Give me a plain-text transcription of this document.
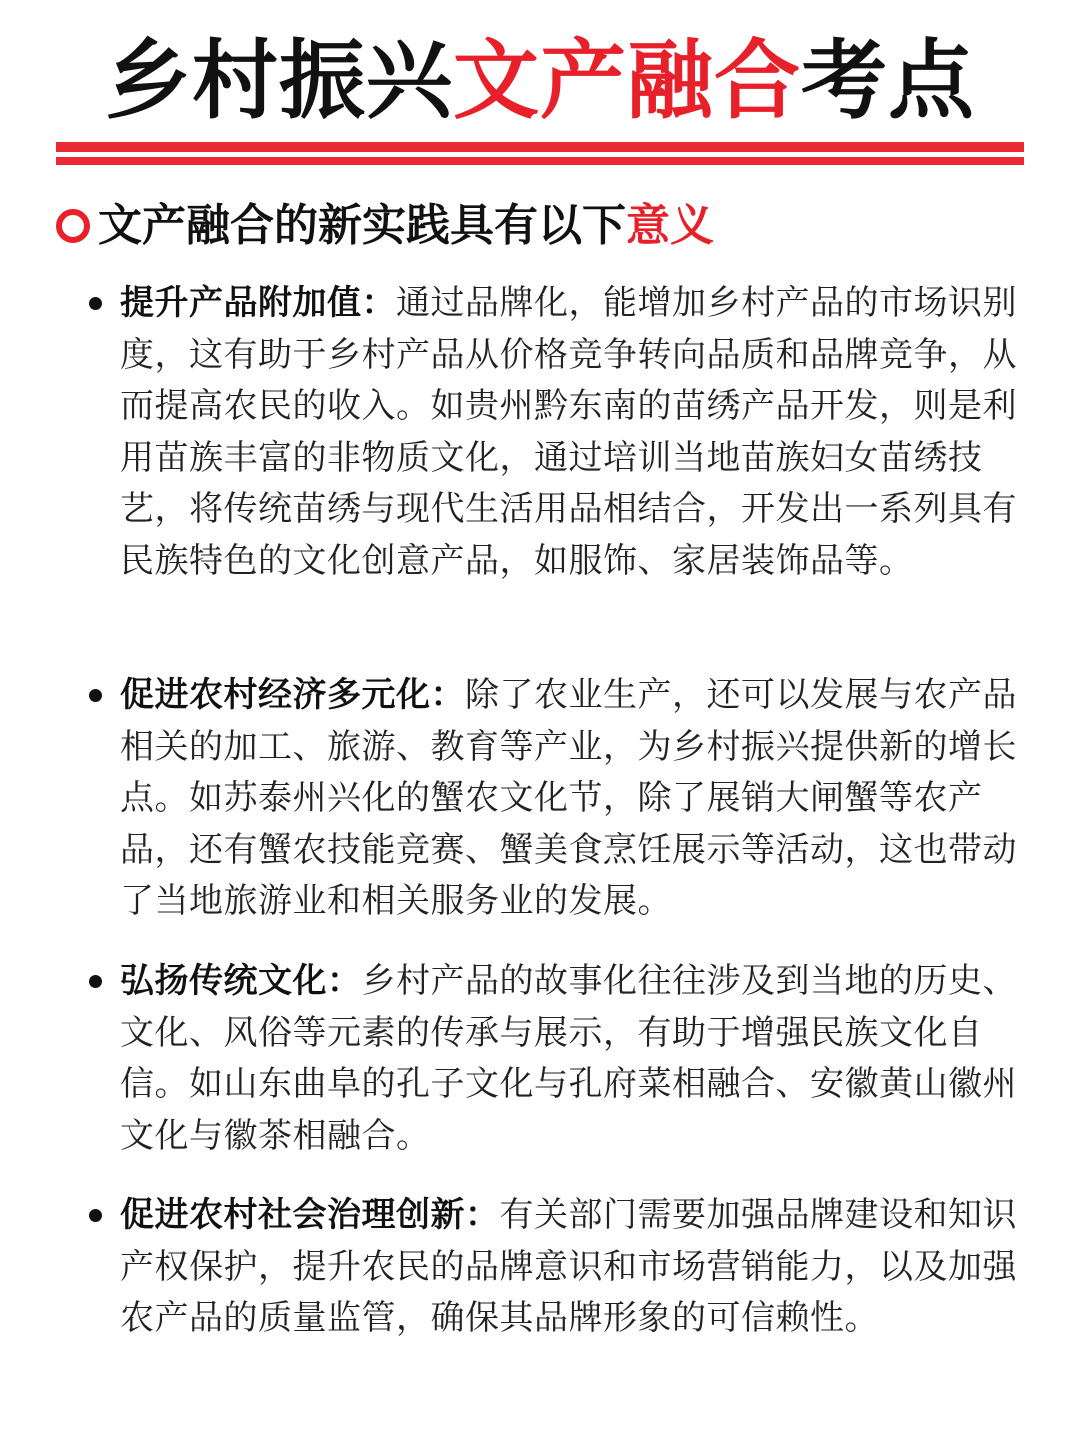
乡村振兴文产融合考点
文产融合的新实践具有以下 意义
提升产品附加值：通过品牌化，能增加乡村产品的市场识别度，这有助于乡村产品从价格竞争转向品质和品牌竞争，从而提高农民的收入。如贵州黔东南的苗绣产品开发，则是利用苗族丰富的非物质文化，通过培训当地苗族妇女苗绣技艺，将传统苗绣与现代生活用品相结合，开发出一系列具有民族特色的文化创意产品，如服饰、家居装饰品等。
促进农村经济多元化：除了农业生产，还可以发展与农产品相关的加工、旅游、教育等产业，为乡村振兴提供新的增长点。如苏泰州兴化的蟹农文化节，除了展销大闸蟹等农产品，还有蟹农技能竞赛、蟹美食烹饪展示等活动，这也带动了当地旅游业和相关服务业的发展。
弘扬传统文化：乡村产品的故事化往往涉及到当地的历史、文化、风俗等元素的传承与展示，有助于增强民族文化自信。如山东曲阜的孔子文化与孔府菜相融合、安徽黄山徽州文化与徽茶相融合。
促进农村社会治理创新：有关部门需要加强品牌建设和知识产权保护，提升农民的品牌意识和市场营销能力，以及加强农产品的质量监管，确保其品牌形象的可信赖性。
